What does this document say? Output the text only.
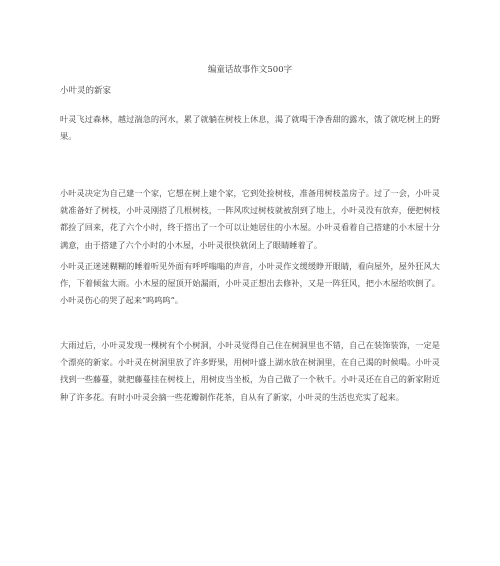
编童话故事作文500字
小叶灵的新家

叶灵飞过森林，越过湍急的河水，累了就躺在树枝上休息，渴了就喝干净香甜的露水，饿了就吃树上的野果。

小叶灵决定为自己建一个家，它想在树上建个家，它到处捡树枝，准备用树枝盖房子。过了一会，小叶灵就准备好了树枝，小叶灵刚搭了几根树枝，一阵风吹过树枝就被刮到了地上，小叶灵没有放弃，便把树枝都捡了回来，花了六个小时，终于搭出了一个可以让她居住的小木屋。小叶灵看着自己搭建的小木屋十分满意，由于搭建了六个小时的小木屋，小叶灵很快就闭上了眼睛睡着了。

小叶灵正迷迷糊糊的睡着听见外面有呼呼嗡嗡的声音，小叶灵作文缓缓睁开眼睛，看向屋外，屋外狂风大作，下着倾盆大雨。小木屋的屋顶开始漏雨，小叶灵正想出去修补，又是一阵狂风，把小木屋给吹倒了。小叶灵伤心的哭了起来“呜呜呜”。

大雨过后，小叶灵发现一棵树有个小树洞，小叶灵觉得自己住在树洞里也不错，自己在装饰装饰，一定是个漂亮的新家。小叶灵在树洞里放了许多野果，用树叶盛上湖水放在树洞里，在自己渴的时候喝。小叶灵找到一些藤蔓，就把藤蔓挂在树枝上，用树皮当坐板，为自己做了一个秋千。小叶灵还在自己的新家附近种了许多花。有时小叶灵会摘一些花瓣制作花茶，自从有了新家，小叶灵的生活也充实了起来。
